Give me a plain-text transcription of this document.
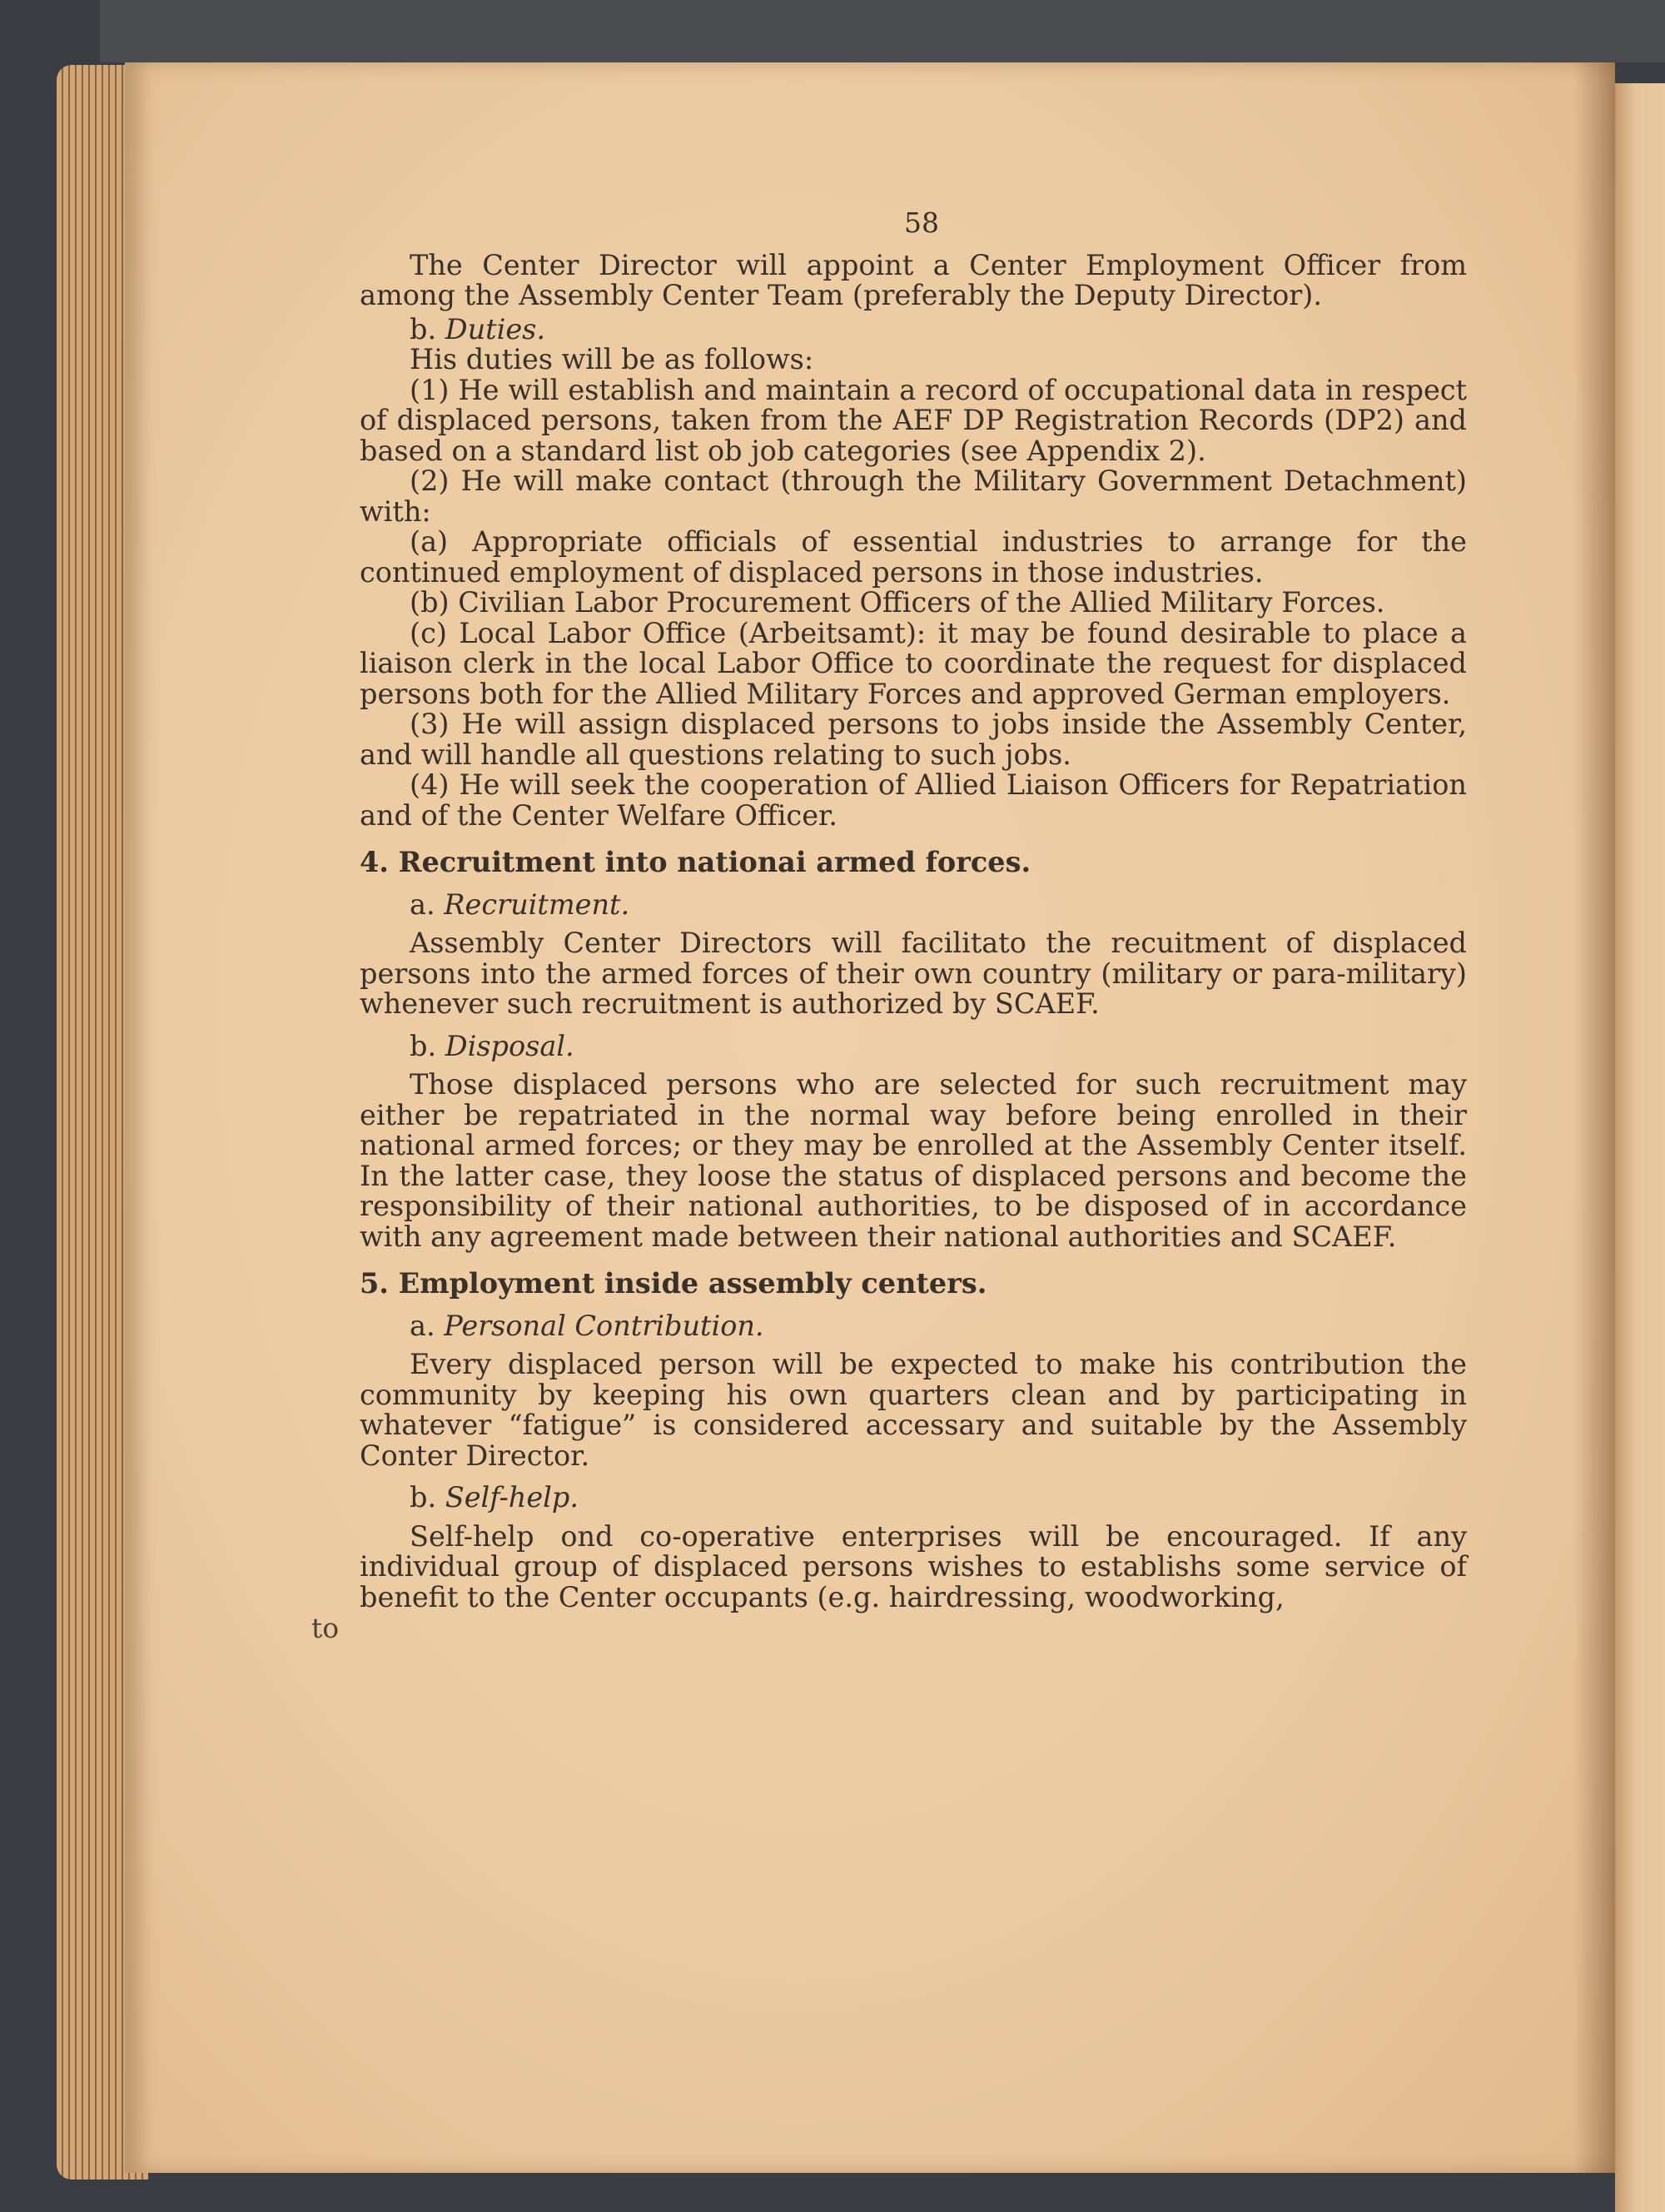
to
58

The Center Director will appoint a Center Employment Officer from among the Assembly Center Team (preferably the Deputy Director).

b. Duties.

His duties will be as follows:

(1) He will establish and maintain a record of occupational data in respect of displaced persons, taken from the AEF DP Registration Records (DP2) and based on a standard list ob job categories (see Appendix 2).

(2) He will make contact (through the Military Government Detachment) with:

(a) Appropriate officials of essential industries to arrange for the continued employment of displaced persons in those industries.

(b) Civilian Labor Procurement Officers of the Allied Military Forces.

(c) Local Labor Office (Arbeitsamt): it may be found desirable to place a liaison clerk in the local Labor Office to coordinate the request for displaced persons both for the Allied Military Forces and approved German employers.

(3) He will assign displaced persons to jobs inside the Assembly Center, and will handle all questions relating to such jobs.

(4) He will seek the cooperation of Allied Liaison Officers for Repatriation and of the Center Welfare Officer.

4. Recruitment into nationai armed forces.

a. Recruitment.

Assembly Center Directors will facilitato the recuitment of displaced persons into the armed forces of their own country (military or para-military) whenever such recruitment is authorized by SCAEF.

b. Disposal.

Those displaced persons who are selected for such recruitment may either be repatriated in the normal way before being enrolled in their national armed forces; or they may be enrolled at the Assembly Center itself. In the latter case, they loose the status of displaced persons and become the responsibility of their national authorities, to be disposed of in accordance with any agreement made between their national authorities and SCAEF.

5. Employment inside assembly centers.

a. Personal Contribution.

Every displaced person will be expected to make his contribution the community by keeping his own quarters clean and by participating in whatever “fatigue” is considered accessary and suitable by the Assembly Conter Director.

b. Self-help.

Self-help ond co-operative enterprises will be encouraged. If any individual group of displaced persons wishes to establishs some service of benefit to the Center occupants (e.g. hairdressing, woodworking,
